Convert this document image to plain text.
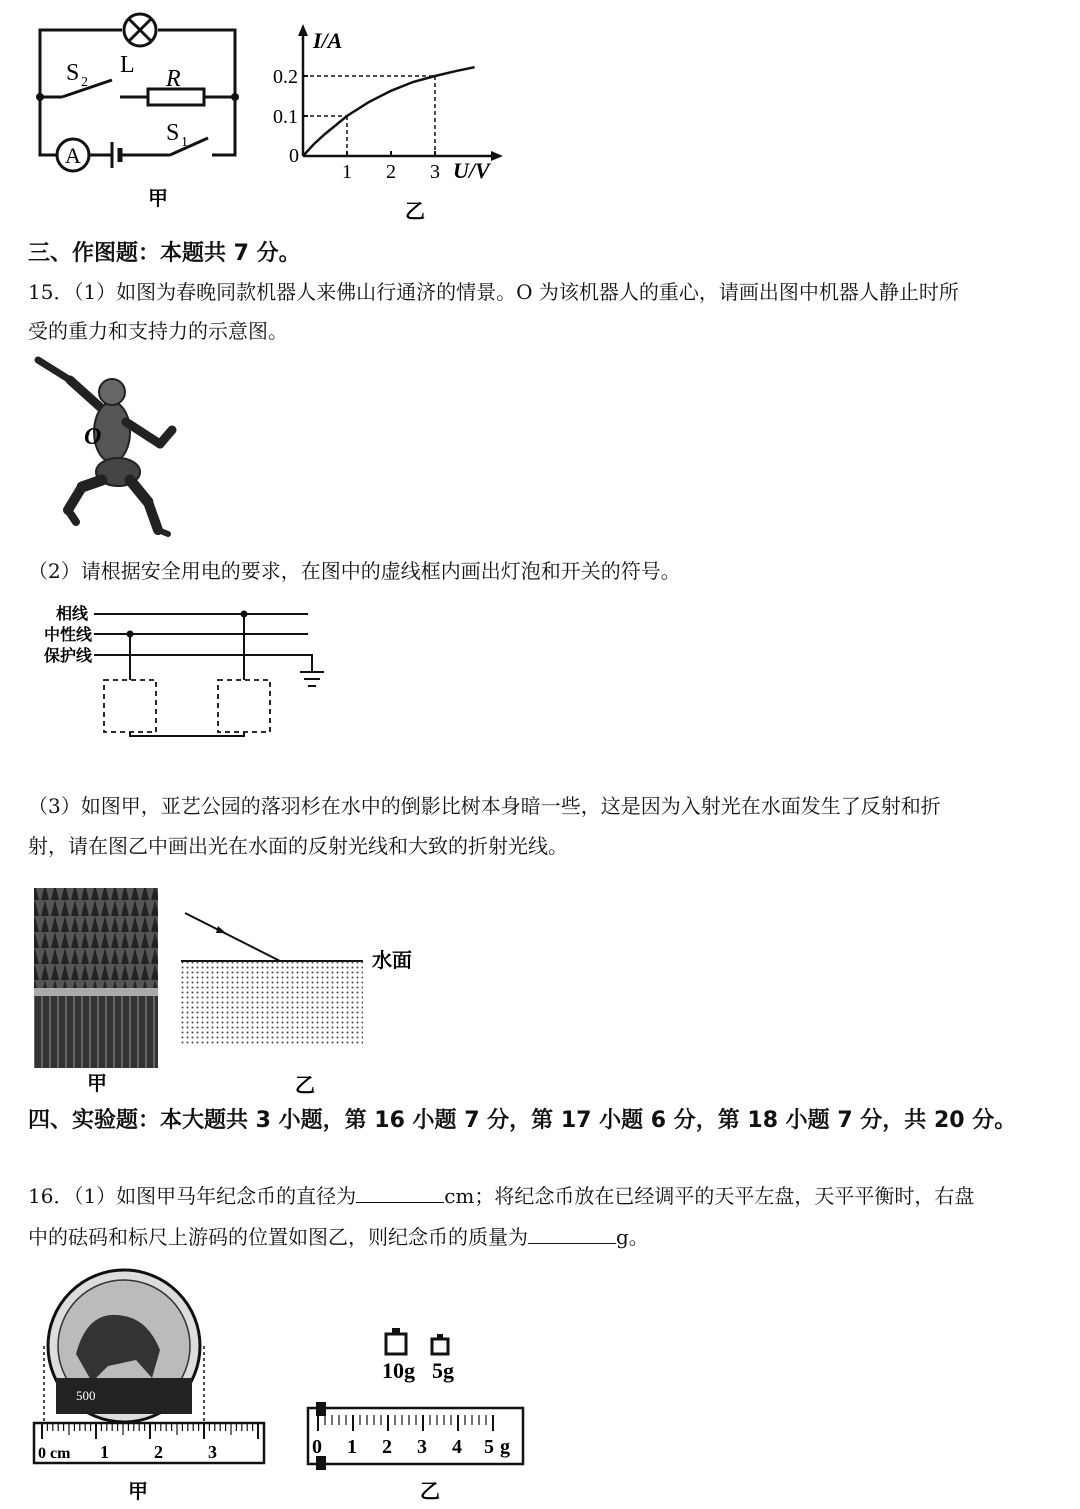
A
L
R
S 2
S 1
甲
1 2 3
0.1
0.2
I/A
U/V
0
乙
三、作图题：本题共 7 分。
15．（1）如图为春晚同款机器人来佛山行通济的情景。O 为该机器人的重心，请画出图中机器人静止时所
受的重力和支持力的示意图。
O
（2）请根据安全用电的要求，在图中的虚线框内画出灯泡和开关的符号。
相线
中性线
保护线
（3）如图甲，亚艺公园的落羽杉在水中的倒影比树本身暗一些，这是因为入射光在水面发生了反射和折
射，请在图乙中画出光在水面的反射光线和大致的折射光线。
甲
水面
乙
四、实验题：本大题共 3 小题，第 16 小题 7 分，第 17 小题 6 分，第 18 小题 7 分，共 20 分。
16．（1）如图甲马年纪念币的直径为	cm；将纪念币放在已经调平的天平左盘，天平平衡时，右盘
中的砝码和标尺上游码的位置如图乙，则纪念币的质量为	g。
500
0 cm 1	2	3
甲
10g 5g
0 1 2 3 4 5 g
乙
